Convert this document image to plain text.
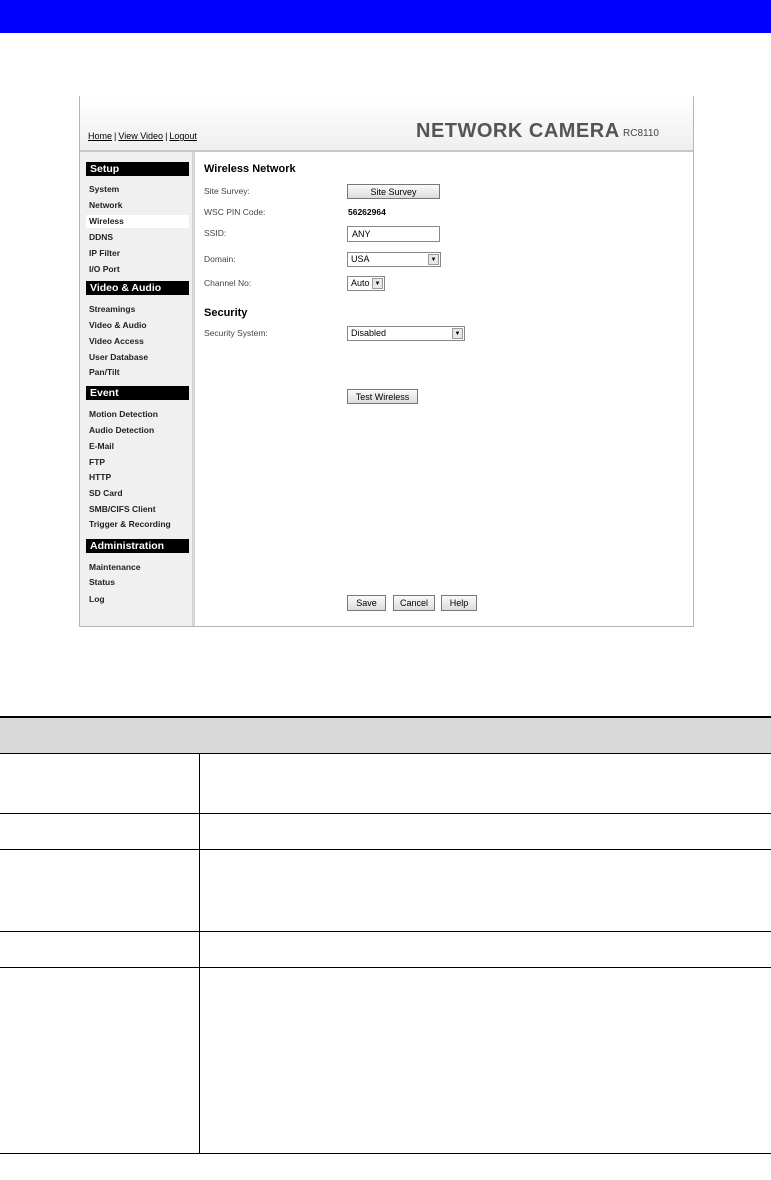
Home | View Video | Logout	NETWORK CAMERA RC8110
Setup
System
Network
Wireless
DDNS
IP Filter
I/O Port
Video & Audio
Streamings
Video & Audio
Video Access
User Database
Pan/Tilt
Event
Motion Detection
Audio Detection
E-Mail
FTP
HTTP
SD Card
SMB/CIFS Client
Trigger & Recording
Administration
Maintenance
Status
Log
Wireless Network
Site Survey:	Site Survey
WSC PIN Code:	56262964
SSID:	ANY
Domain:	USA	▼
Channel No:	Auto ▼
Security
Security System:	Disabled	▼
Test Wireless
Save	Cancel	Help
